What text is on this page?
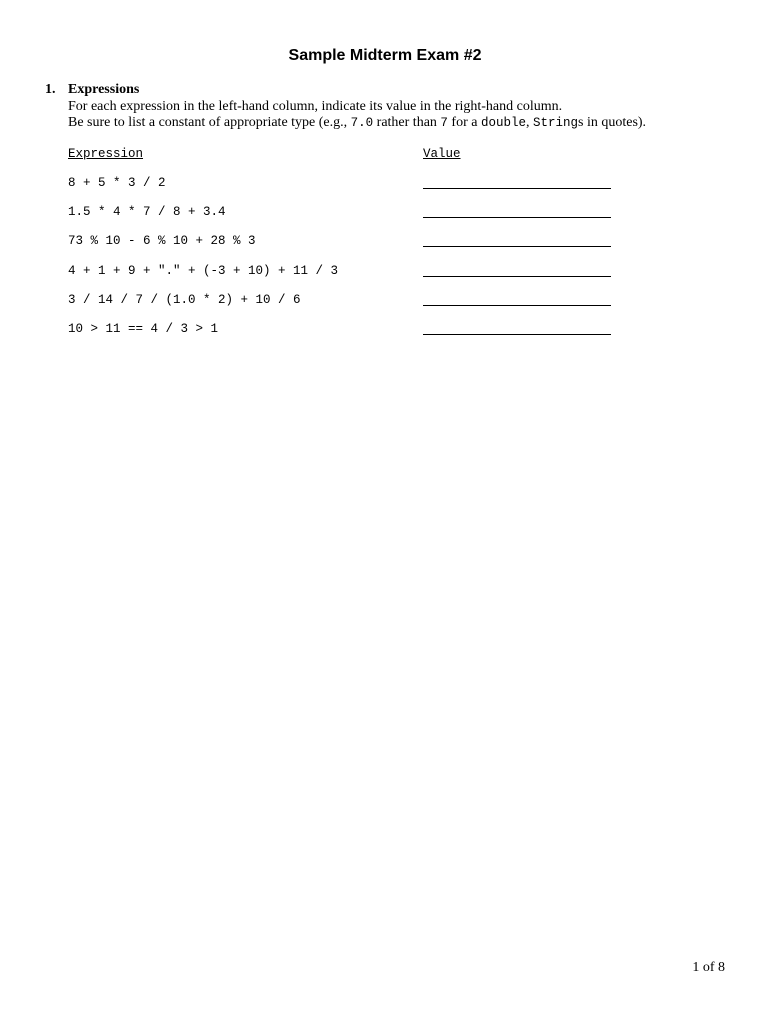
Sample Midterm Exam #2
1. Expressions
For each expression in the left-hand column, indicate its value in the right-hand column.
Be sure to list a constant of appropriate type (e.g., 7.0 rather than 7 for a double, Strings in quotes).
Expression	Value
8 + 5 * 3 / 2
1.5 * 4 * 7 / 8 + 3.4
73 % 10 - 6 % 10 + 28 % 3
4 + 1 + 9 + "." + (-3 + 10) + 11 / 3
3 / 14 / 7 / (1.0 * 2) + 10 / 6
10 > 11 == 4 / 3 > 1
1 of 8
